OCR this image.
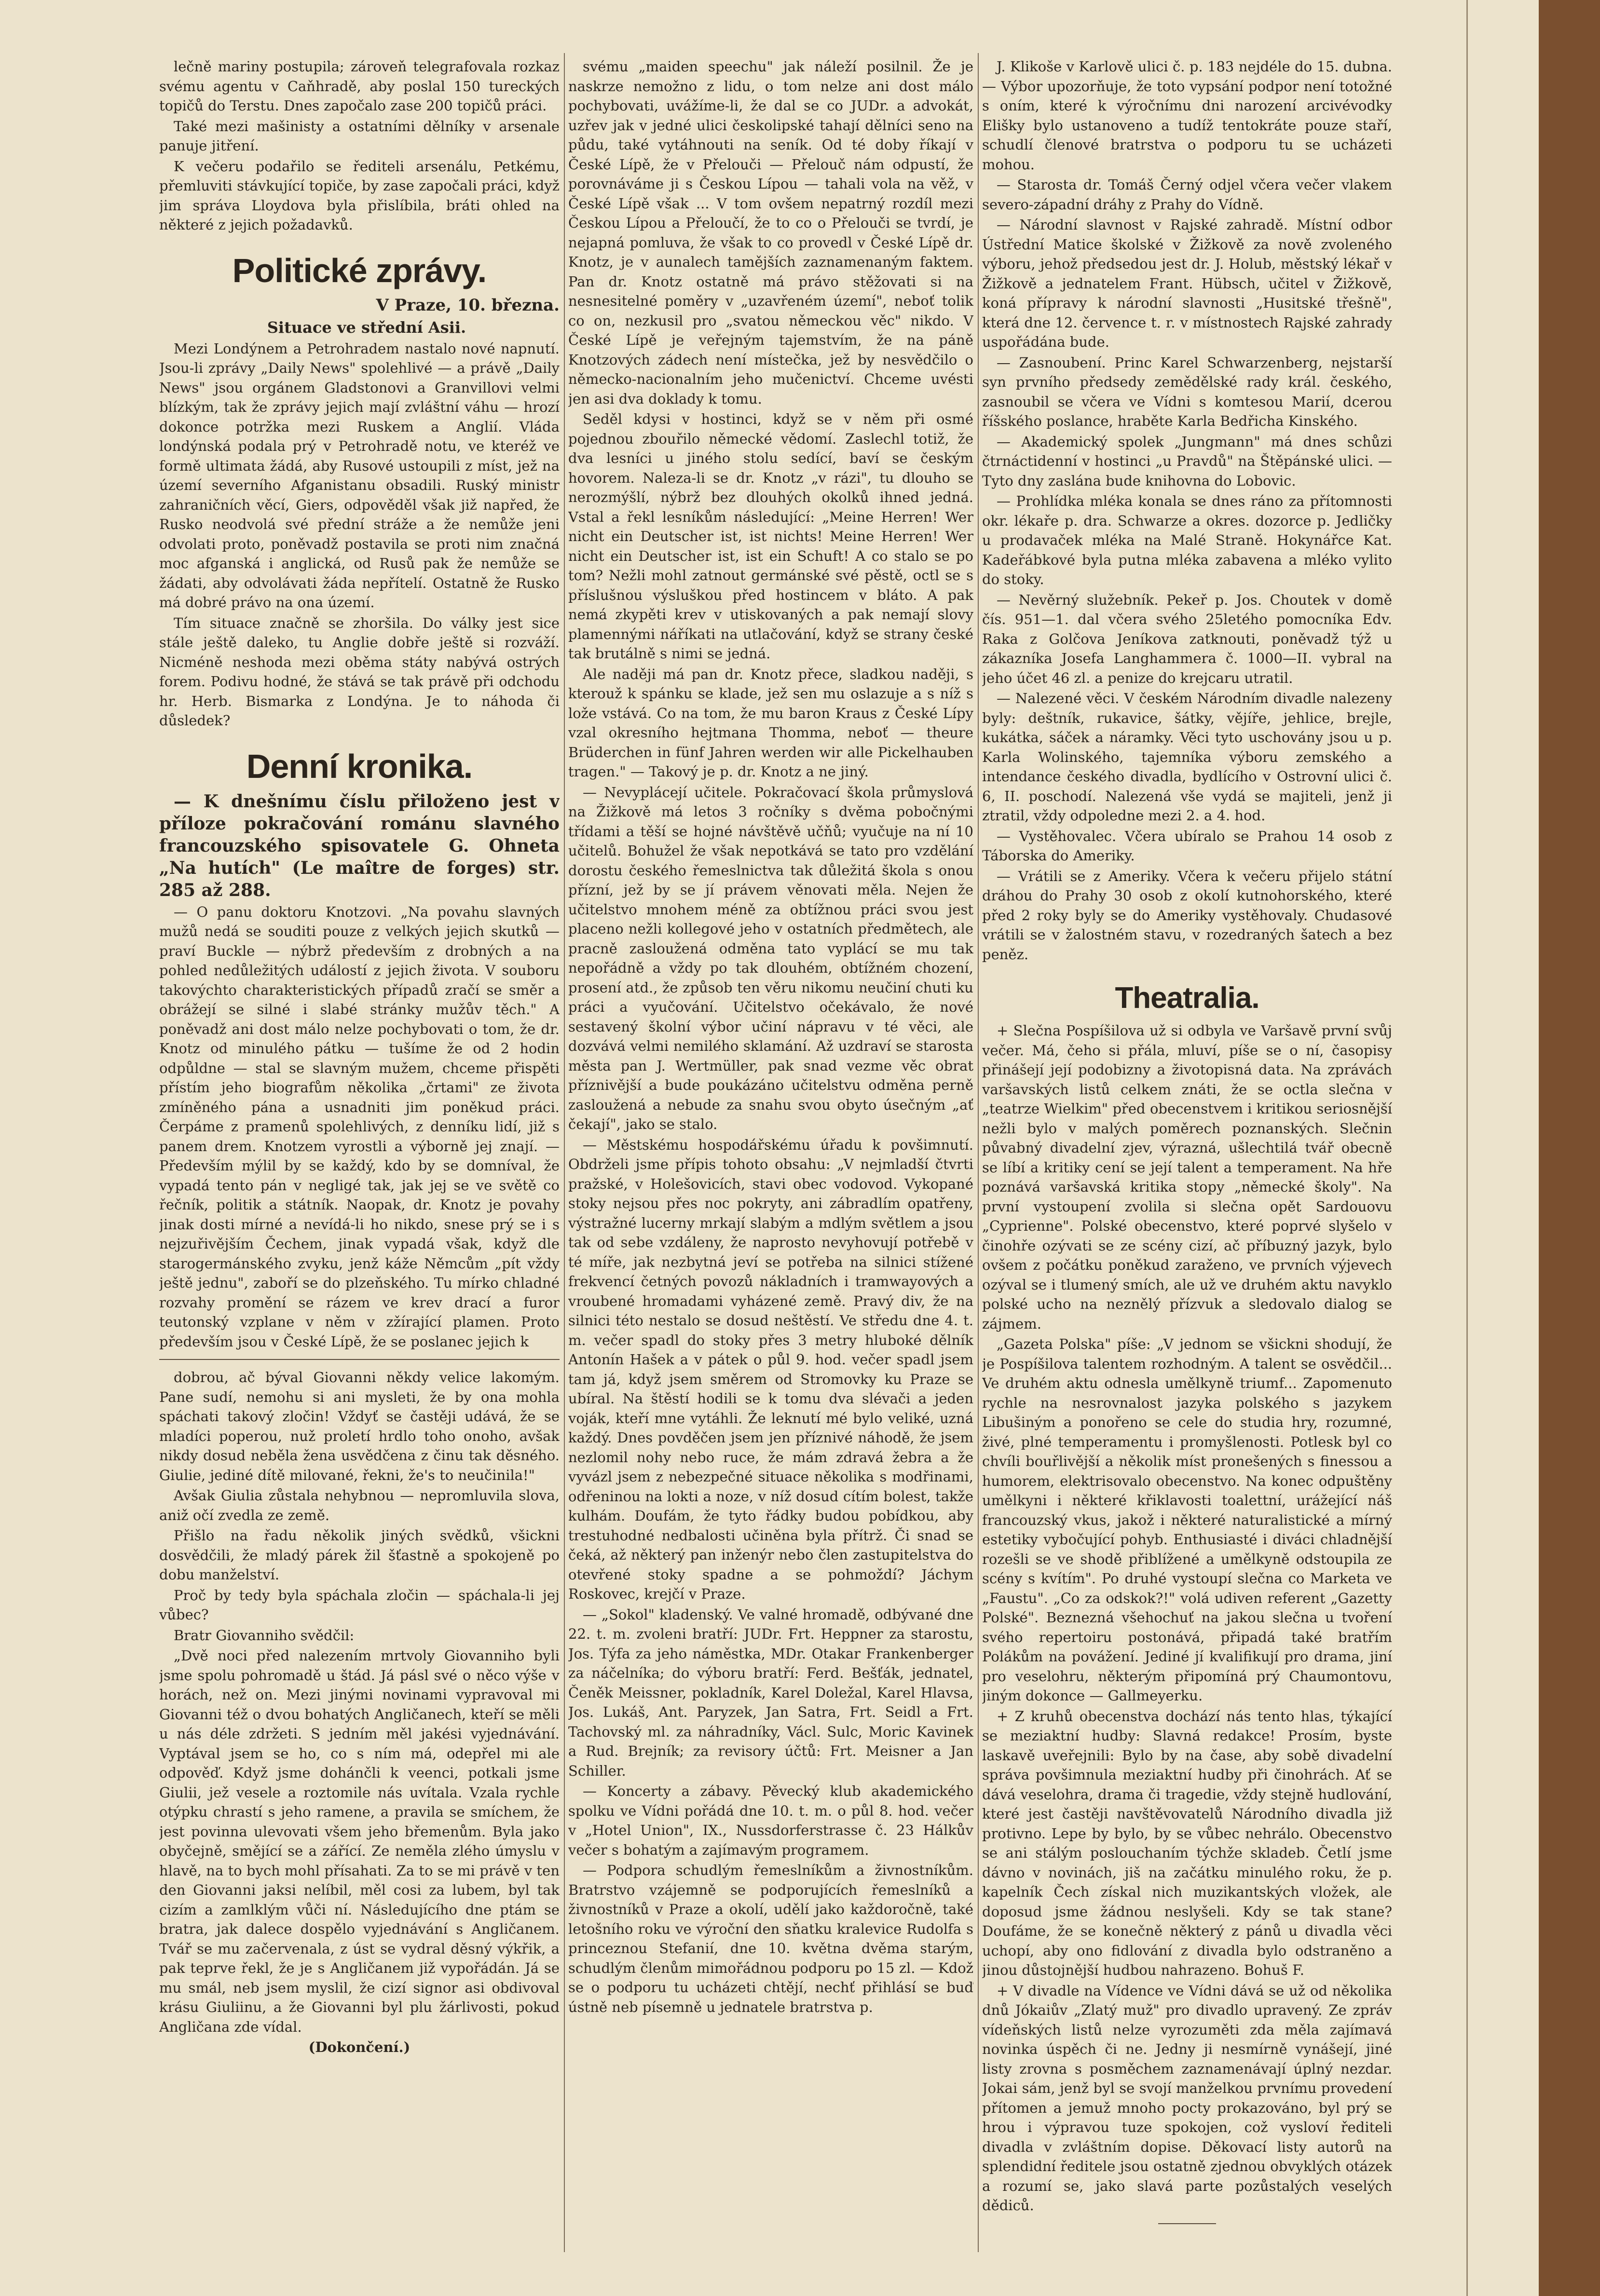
lečně mariny postupila; zároveň telegrafovala rozkaz svému agentu v Caňhradě, aby poslal 150 tureckých topičů do Terstu. Dnes započalo zase 200 topičů práci.

Také mezi mašinisty a ostatními dělníky v arsenale panuje jitření.

K večeru podařilo se řediteli arsenálu, Petkému, přemluviti stávkující topiče, by zase započali práci, když jim správa Lloydova byla přislíbila, bráti ohled na některé z jejich požadavků.

Politické zprávy.

V Praze, 10. března.

Situace ve střední Asii.

Mezi Londýnem a Petrohradem nastalo nové napnutí. Jsou-li zprávy „Daily News" spolehlivé — a právě „Daily News" jsou orgánem Gladstonovi a Granvillovi velmi blízkým, tak že zprávy jejich mají zvláštní váhu — hrozí dokonce potržka mezi Ruskem a Anglií. Vláda londýnská podala prý v Petrohradě notu, ve kteréž ve formě ultimata žádá, aby Rusové ustoupili z míst, jež na území severního Afganistanu obsadili. Ruský ministr zahraničních věcí, Giers, odpověděl však již napřed, že Rusko neodvolá své přední stráže a že nemůže jeni odvolati proto, poněvadž postavila se proti nim značná moc afganská i anglická, od Rusů pak že nemůže se žádati, aby odvolávati žáda nepřítelí. Ostatně že Rusko má dobré právo na ona území.

Tím situace značně se zhoršila. Do války jest sice stále ještě daleko, tu Anglie dobře ještě si rozváží. Nicméně neshoda mezi oběma státy nabývá ostrých forem. Podivu hodné, že stává se tak právě při odchodu hr. Herb. Bismarka z Londýna. Je to náhoda či důsledek?

Denní kronika.

— K dnešnímu číslu přiloženo jest v příloze pokračování románu slavného francouzského spisovatele G. Ohneta „Na hutích" (Le maître de forges) str. 285 až 288.

— O panu doktoru Knotzovi. „Na povahu slavných mužů nedá se souditi pouze z velkých jejich skutků — praví Buckle — nýbrž především z drobných a na pohled nedůležitých událostí z jejich života. V souboru takovýchto charakteristických případů zračí se směr a obrážejí se silné i slabé stránky mužův těch." A poněvadž ani dost málo nelze pochybovati o tom, že dr. Knotz od minulého pátku — tušíme že od 2 hodin odpůldne — stal se slavným mužem, chceme přispěti přístím jeho biografům několika „črtami" ze života zmíněného pána a usnadniti jim poněkud práci. Čerpáme z pramenů spolehlivých, z denníku lidí, již s panem drem. Knotzem vyrostli a výborně jej znají. — Především mýlil by se každý, kdo by se domníval, že vypadá tento pán v negligé tak, jak jej se ve světě co řečník, politik a státník. Naopak, dr. Knotz je povahy jinak dosti mírné a nevídá-li ho nikdo, snese prý se i s nejzuřivějším Čechem, jinak vypadá však, když dle starogermánského zvyku, jenž káže Němcům „pít vždy ještě jednu", zaboří se do plzeňského. Tu mírko chladné rozvahy promění se rázem ve krev drací a furor teutonský vzplane v něm v zžírající plamen. Proto především jsou v České Lípě, že se poslanec jejich k

dobrou, ač býval Giovanni někdy velice lakomým. Pane sudí, nemohu si ani mysleti, že by ona mohla spáchati takový zločin! Vždyť se častěji udává, že se mladíci poperou, nuž proletí hrdlo toho onoho, avšak nikdy dosud neběla žena usvědčena z činu tak děsného. Giulie, jediné dítě milované, řekni, že's to neučinila!"

Avšak Giulia zůstala nehybnou — nepromluvila slova, aniž očí zvedla ze země.

Přišlo na řadu několik jiných svědků, všickni dosvědčili, že mladý párek žil šťastně a spokojeně po dobu manželství.

Proč by tedy byla spáchala zločin — spáchala-li jej vůbec?

Bratr Giovanniho svědčil:

„Dvě noci před nalezením mrtvoly Giovanniho byli jsme spolu pohromadě u štád. Já pásl své o něco výše v horách, než on. Mezi jinými novinami vypravoval mi Giovanni též o dvou bohatých Angličanech, kteří se měli u nás déle zdržeti. S jedním měl jakési vyjednávání. Vyptával jsem se ho, co s ním má, odepřel mi ale odpověď. Když jsme dohánčli k veenci, potkali jsme Giulii, jež vesele a roztomile nás uvítala. Vzala rychle otýpku chrastí s jeho ramene, a pravila se smíchem, že jest povinna ulevovati všem jeho břemenům. Byla jako obyčejně, smějící se a zářící. Ze neměla zlého úmyslu v hlavě, na to bych mohl přísahati. Za to se mi právě v ten den Giovanni jaksi nelíbil, měl cosi za lubem, byl tak cizím a zamlklým vůči ní. Následujícího dne ptám se bratra, jak dalece dospělo vyjednávání s Angličanem. Tvář se mu začervenala, z úst se vydral děsný výkřik, a pak teprve řekl, že je s Angličanem již vypořádán. Já se mu smál, neb jsem myslil, že cizí signor asi obdivoval krásu Giuliinu, a že Giovanni byl plu žárlivosti, pokud Angličana zde vídal.

(Dokončení.)

svému „maiden speechu" jak náleží posilnil. Že je naskrze nemožno z lidu, o tom nelze ani dost málo pochybovati, uvážíme-li, že dal se co JUDr. a advokát, uzřev jak v jedné ulici českolipské tahají dělníci seno na půdu, také vytáhnouti na seník. Od té doby říkají v České Lípě, že v Přelouči — Přelouč nám odpustí, že porovnáváme ji s Českou Lípou — tahali vola na věž, v České Lípě však ... V tom ovšem nepatrný rozdíl mezi Českou Lípou a Přeloučí, že to co o Přelouči se tvrdí, je nejapná pomluva, že však to co provedl v České Lípě dr. Knotz, je v aunalech tamějších zaznamenaným faktem. Pan dr. Knotz ostatně má právo stěžovati si na nesnesitelné poměry v „uzavřeném území", neboť tolik co on, nezkusil pro „svatou německou věc" nikdo. V České Lípě je veřejným tajemstvím, že na páně Knotzových zádech není místečka, jež by nesvědčilo o německo-nacionalním jeho mučenictví. Chceme uvésti jen asi dva doklady k tomu.

Seděl kdysi v hostinci, když se v něm při osmé pojednou zbouřilo německé vědomí. Zaslechl totiž, že dva lesníci u jiného stolu sedící, baví se českým hovorem. Naleza-li se dr. Knotz „v rázi", tu dlouho se nerozmýšlí, nýbrž bez dlouhých okolků ihned jedná. Vstal a řekl lesníkům následující: „Meine Herren! Wer nicht ein Deutscher ist, ist nichts! Meine Herren! Wer nicht ein Deutscher ist, ist ein Schuft! A co stalo se po tom? Nežli mohl zatnout germánské své pěstě, octl se s příslušnou výsluškou před hostincem v bláto. A pak nemá zkypěti krev v utiskovaných a pak nemají slovy plamennými náříkati na utlačování, když se strany české tak brutálně s nimi se jedná.

Ale naději má pan dr. Knotz přece, sladkou naději, s kterouž k spánku se klade, jež sen mu oslazuje a s níž s lože vstává. Co na tom, že mu baron Kraus z České Lípy vzal okresního hejtmana Thomma, neboť — theure Brüderchen in fünf Jahren werden wir alle Pickelhauben tragen." — Takový je p. dr. Knotz a ne jiný.

— Nevyplácejí učitele. Pokračovací škola průmyslová na Žižkově má letos 3 ročníky s dvěma pobočnými třídami a těší se hojné návštěvě učňů; vyučuje na ní 10 učitelů. Bohužel že však nepotkává se tato pro vzdělání dorostu českého řemeslnictva tak důležitá škola s onou přízní, jež by se jí právem věnovati měla. Nejen že učitelstvo mnohem méně za obtížnou práci svou jest placeno nežli kollegové jeho v ostatních předmětech, ale pracně zasloužená odměna tato vyplácí se mu tak nepořádně a vždy po tak dlouhém, obtížném chození, prosení atd., že způsob ten věru nikomu neučiní chuti ku práci a vyučování. Učitelstvo očekávalo, že nové sestavený školní výbor učiní nápravu v té věci, ale dozvává velmi nemilého sklamání. Až uzdraví se starosta města pan J. Wertmüller, pak snad vezme věc obrat příznivější a bude poukázáno učitelstvu odměna perně zasloužená a nebude za snahu svou obyto úsečným „ať čekají", jako se stalo.

— Městskému hospodářskému úřadu k povšimnutí. Obdrželi jsme přípis tohoto obsahu: „V nejmladší čtvrti pražské, v Holešovicích, stavi obec vodovod. Vykopané stoky nejsou přes noc pokryty, ani zábradlím opatřeny, výstražné lucerny mrkají slabým a mdlým světlem a jsou tak od sebe vzdáleny, že naprosto nevyhovují potřebě v té míře, jak nezbytná jeví se potřeba na silnici stížené frekvencí četných povozů nákladních i tramwayových a vroubené hromadami vyházené země. Pravý div, že na silnici této nestalo se dosud neštěstí. Ve středu dne 4. t. m. večer spadl do stoky přes 3 metry hluboké dělník Antonín Hašek a v pátek o půl 9. hod. večer spadl jsem tam já, když jsem směrem od Stromovky ku Praze se ubíral. Na štěstí hodili se k tomu dva slévači a jeden voják, kteří mne vytáhli. Že leknutí mé bylo veliké, uzná každý. Dnes povděčen jsem jen příznivé náhodě, že jsem nezlomil nohy nebo ruce, že mám zdravá žebra a že vyvázl jsem z nebezpečné situace několika s modřinami, odřeninou na lokti a noze, v níž dosud cítím bolest, takže kulhám. Doufám, že tyto řádky budou pobídkou, aby trestuhodné nedbalosti učiněna byla přítrž. Či snad se čeká, až některý pan inženýr nebo člen zastupitelstva do otevřené stoky spadne a se pohmoždí? Jáchym Roskovec, krejčí v Praze.

— „Sokol" kladenský. Ve valné hromadě, odbývané dne 22. t. m. zvoleni bratří: JUDr. Frt. Heppner za starostu, Jos. Týfa za jeho náměstka, MDr. Otakar Frankenberger za náčelníka; do výboru bratří: Ferd. Bešťák, jednatel, Čeněk Meissner, pokladník, Karel Doležal, Karel Hlavsa, Jos. Lukáš, Ant. Paryzek, Jan Satra, Frt. Seidl a Frt. Tachovský ml. za náhradníky, Václ. Sulc, Moric Kavinek a Rud. Brejník; za revisory účtů: Frt. Meisner a Jan Schiller.

— Koncerty a zábavy. Pěvecký klub akademického spolku ve Vídni pořádá dne 10. t. m. o půl 8. hod. večer v „Hotel Union", IX., Nussdorferstrasse č. 23 Hálkův večer s bohatým a zajímavým programem.

— Podpora schudlým řemeslníkům a živnostníkům. Bratrstvo vzájemně se podporujících řemeslníků a živnostníků v Praze a okolí, udělí jako každoročně, také letošního roku ve výroční den sňatku kralevice Rudolfa s princeznou Stefanií, dne 10. května dvěma starým, schudlým členům mimořádnou podporu po 15 zl. — Kdož se o podporu tu ucházeti chtějí, nechť přihlásí se buď ústně neb písemně u jednatele bratrstva p.

J. Klikoše v Karlově ulici č. p. 183 nejdéle do 15. dubna. — Výbor upozorňuje, že toto vypsání podpor není totožné s oním, které k výročnímu dni narození arcivévodky Elišky bylo ustanoveno a tudíž tentokráte pouze staří, schudlí členové bratrstva o podporu tu se ucházeti mohou.

— Starosta dr. Tomáš Černý odjel včera večer vlakem severo-západní dráhy z Prahy do Vídně.

— Národní slavnost v Rajské zahradě. Místní odbor Ústřední Matice školské v Žižkově za nově zvoleného výboru, jehož předsedou jest dr. J. Holub, městský lékař v Žižkově a jednatelem Frant. Hübsch, učitel v Žižkově, koná přípravy k národní slavnosti „Husitské třešně", která dne 12. července t. r. v místnostech Rajské zahrady uspořádána bude.

— Zasnoubení. Princ Karel Schwarzenberg, nejstarší syn prvního předsedy zemědělské rady král. českého, zasnoubil se včera ve Vídni s komtesou Marií, dcerou říšského poslance, hraběte Karla Bedřicha Kinského.

— Akademický spolek „Jungmann" má dnes schůzi čtrnáctidenní v hostinci „u Pravdů" na Štěpánské ulici. — Tyto dny zaslána bude knihovna do Lobovic.

— Prohlídka mléka konala se dnes ráno za přítomnosti okr. lékaře p. dra. Schwarze a okres. dozorce p. Jedličky u prodavaček mléka na Malé Straně. Hokynářce Kat. Kadeřábkové byla putna mléka zabavena a mléko vylito do stoky.

— Nevěrný služebník. Pekeř p. Jos. Choutek v domě čís. 951—1. dal včera svého 25letého pomocníka Edv. Raka z Golčova Jeníkova zatknouti, poněvadž týž u zákazníka Josefa Langhammera č. 1000—II. vybral na jeho účet 46 zl. a penize do krejcaru utratil.

— Nalezené věci. V českém Národním divadle nalezeny byly: deštník, rukavice, šátky, vějíře, jehlice, brejle, kukátka, sáček a náramky. Věci tyto uschovány jsou u p. Karla Wolinského, tajemníka výboru zemského a intendance českého divadla, bydlícího v Ostrovní ulici č. 6, II. poschodí. Nalezená vše vydá se majiteli, jenž ji ztratil, vždy odpoledne mezi 2. a 4. hod.

— Vystěhovalec. Včera ubíralo se Prahou 14 osob z Táborska do Ameriky.

— Vrátili se z Ameriky. Včera k večeru přijelo státní dráhou do Prahy 30 osob z okolí kutnohorského, které před 2 roky byly se do Ameriky vystěhovaly. Chudasové vrátili se v žalostném stavu, v rozedraných šatech a bez peněz.

Theatralia.

+ Slečna Pospíšilova už si odbyla ve Varšavě první svůj večer. Má, čeho si přála, mluví, píše se o ní, časopisy přinášejí její podobizny a životopisná data. Na zprávách varšavských listů celkem znáti, že se octla slečna v „teatrze Wielkim" před obecenstvem i kritikou seriosnější nežli bylo v malých poměrech poznanských. Slečnin půvabný divadelní zjev, výrazná, ušlechtilá tvář obecně se líbí a kritiky cení se její talent a temperament. Na hře poznává varšavská kritika stopy „německé školy". Na první vystoupení zvolila si slečna opět Sardouovu „Cyprienne". Polské obecenstvo, které poprvé slyšelo v činohře ozývati se ze scény cizí, ač příbuzný jazyk, bylo ovšem z počátku poněkud zaraženo, ve prvních výjevech ozýval se i tlumený smích, ale už ve druhém aktu navyklo polské ucho na neznělý přízvuk a sledovalo dialog se zájmem.

„Gazeta Polska" píše: „V jednom se všickni shodují, že je Pospíšilova talentem rozhodným. A talent se osvědčil... Ve druhém aktu odnesla umělkyně triumf... Zapomenuto rychle na nesrovnalost jazyka polského s jazykem Libušiným a ponořeno se cele do studia hry, rozumné, živé, plné temperamentu i promyšlenosti. Potlesk byl co chvíli bouřlivější a několik míst pronešených s finessou a humorem, elektrisovalo obecenstvo. Na konec odpuštěny umělkyni i některé křiklavosti toalettní, urážející náš francouzský vkus, jakož i některé naturalistické a mírný estetiky vybočující pohyb. Enthusiasté i diváci chladnější rozešli se ve shodě přiblížené a umělkyně odstoupila ze scény s kvítím". Po druhé vystoupí slečna co Marketa ve „Faustu". „Co za odskok?!" volá udiven referent „Gazetty Polské". Beznezná všehochuť na jakou slečna u tvoření svého repertoiru postonává, připadá také bratřím Polákům na povážení. Jediné jí kvalifikují pro drama, jiní pro veselohru, některým připomíná prý Chaumontovu, jiným dokonce — Gallmeyerku.

+ Z kruhů obecenstva dochází nás tento hlas, týkající se meziaktní hudby: Slavná redakce! Prosím, byste laskavě uveřejnili: Bylo by na čase, aby sobě divadelní správa povšimnula meziaktní hudby při činohrách. Ať se dává veselohra, drama či tragedie, vždy stejně hudlování, které jest častěji navštěvovatelů Národního divadla již protivno. Lepe by bylo, by se vůbec nehrálo. Obecenstvo se ani stálým poslouchaním týchže skladeb. Četlí jsme dávno v novinách, jiš na začátku minulého roku, že p. kapelník Čech získal nich muzikantských vložek, ale doposud jsme žádnou neslyšeli. Kdy se tak stane? Doufáme, že se konečně některý z pánů u divadla věci uchopí, aby ono fidlování z divadla bylo odstraněno a jinou důstojnější hudbou nahrazeno. Bohuš F.

+ V divadle na Vídence ve Vídni dává se už od několika dnů Jókaiův „Zlatý muž" pro divadlo upravený. Ze zpráv vídeňských listů nelze vyrozuměti zda měla zajímavá novinka úspěch či ne. Jedny ji nesmírně vynášejí, jiné listy zrovna s posměchem zaznamenávají úplný nezdar. Jokai sám, jenž byl se svojí manželkou prvnímu provedení přítomen a jemuž mnoho pocty prokazováno, byl prý se hrou i výpravou tuze spokojen, což vysloví řediteli divadla v zvláštním dopise. Děkovací listy autorů na splendidní ředitele jsou ostatně zjednou obvyklých otázek a rozumí se, jako slavá parte pozůstalých veselých dědiců.
